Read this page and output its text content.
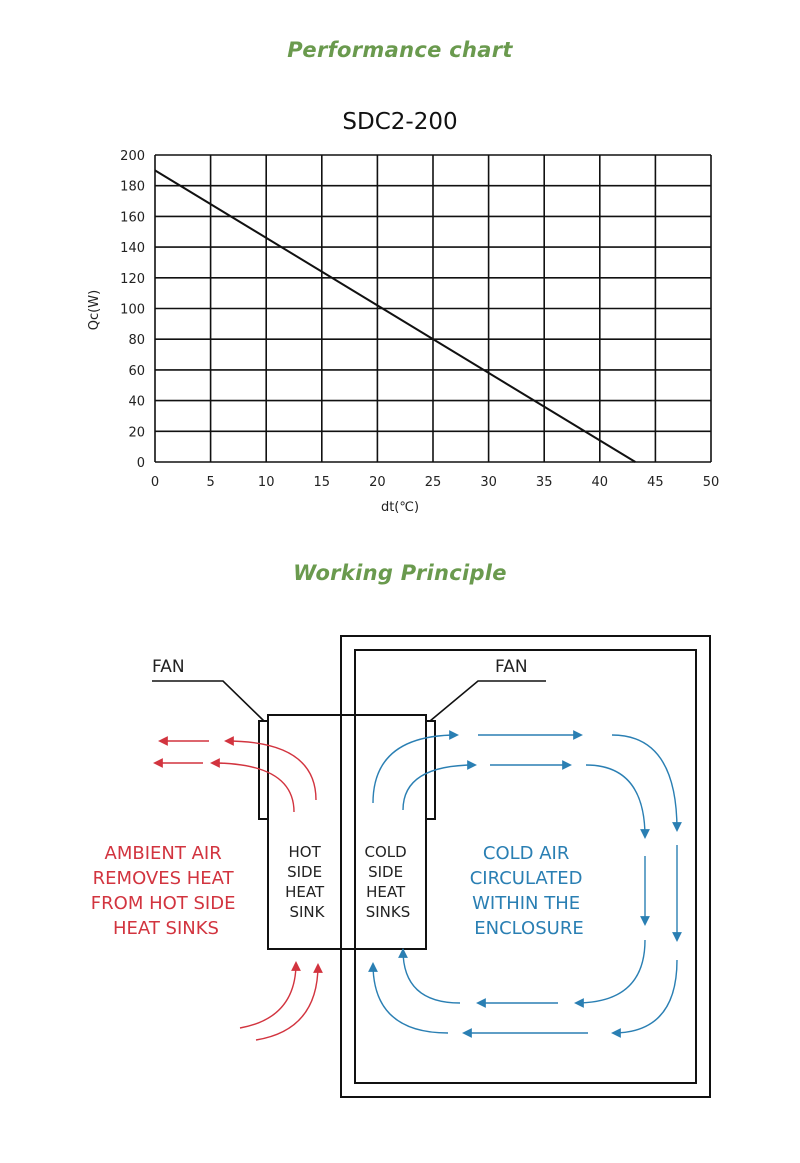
Performance chart
SDC2-200
0	5	10	15	20	25	30	35	40	45	50
0
20
40
60
80
100
120
140
160
180
200
dt(℃)
Qc(W)
Working Principle
FAN	FAN
HOT SIDE HEAT SINK
COLD SIDE HEAT SINKS
AMBIENT AIR REMOVES HEAT FROM HOT SIDE HEAT SINKS
COLD AIR CIRCULATED WITHIN THE ENCLOSURE
